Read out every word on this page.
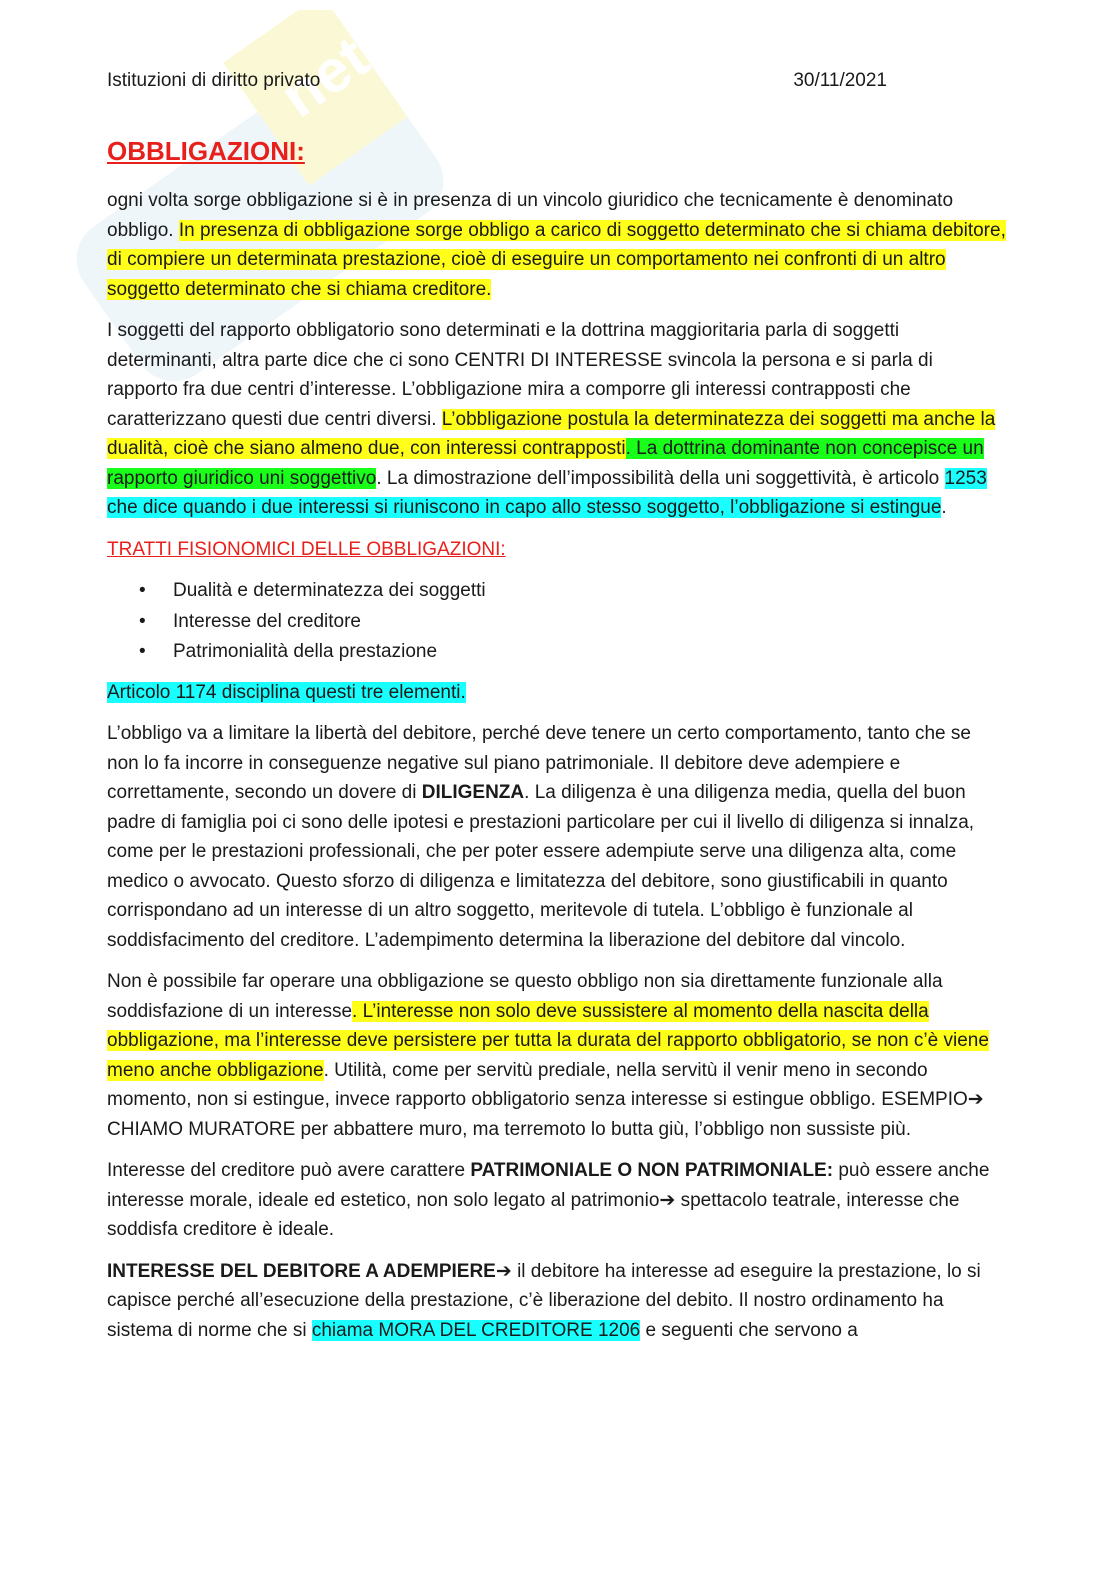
net
Istituzioni di diritto privato	30/11/2021
OBBLIGAZIONI:

ogni volta sorge obbligazione si è in presenza di un vincolo giuridico che tecnicamente è denominato obbligo. In presenza di obbligazione sorge obbligo a carico di soggetto determinato che si chiama debitore, di compiere un determinata prestazione, cioè di eseguire un comportamento nei confronti di un altro soggetto determinato che si chiama creditore.

I soggetti del rapporto obbligatorio sono determinati e la dottrina maggioritaria parla di soggetti determinanti, altra parte dice che ci sono CENTRI DI INTERESSE svincola la persona e si parla di rapporto fra due centri d’interesse. L’obbligazione mira a comporre gli interessi contrapposti che caratterizzano questi due centri diversi. L’obbligazione postula la determinatezza dei soggetti ma anche la dualità, cioè che siano almeno due, con interessi contrapposti. La dottrina dominante non concepisce un rapporto giuridico uni soggettivo. La dimostrazione dell’impossibilità della uni soggettività, è articolo 1253 che dice quando i due interessi si riuniscono in capo allo stesso soggetto, l’obbligazione si estingue.

TRATTI FISIONOMICI DELLE OBBLIGAZIONI:
• Dualità e determinatezza dei soggetti
• Interesse del creditore
• Patrimonialità della prestazione

Articolo 1174 disciplina questi tre elementi.

L’obbligo va a limitare la libertà del debitore, perché deve tenere un certo comportamento, tanto che se non lo fa incorre in conseguenze negative sul piano patrimoniale. Il debitore deve adempiere e correttamente, secondo un dovere di DILIGENZA. La diligenza è una diligenza media, quella del buon padre di famiglia poi ci sono delle ipotesi e prestazioni particolare per cui il livello di diligenza si innalza, come per le prestazioni professionali, che per poter essere adempiute serve una diligenza alta, come medico o avvocato. Questo sforzo di diligenza e limitatezza del debitore, sono giustificabili in quanto corrispondano ad un interesse di un altro soggetto, meritevole di tutela. L’obbligo è funzionale al soddisfacimento del creditore. L’adempimento determina la liberazione del debitore dal vincolo.

Non è possibile far operare una obbligazione se questo obbligo non sia direttamente funzionale alla soddisfazione di un interesse. L’interesse non solo deve sussistere al momento della nascita della obbligazione, ma l’interesse deve persistere per tutta la durata del rapporto obbligatorio, se non c’è viene meno anche obbligazione. Utilità, come per servitù prediale, nella servitù il venir meno in secondo momento, non si estingue, invece rapporto obbligatorio senza interesse si estingue obbligo. ESEMPIO➔ CHIAMO MURATORE per abbattere muro, ma terremoto lo butta giù, l’obbligo non sussiste più.

Interesse del creditore può avere carattere PATRIMONIALE O NON PATRIMONIALE: può essere anche interesse morale, ideale ed estetico, non solo legato al patrimonio➔ spettacolo teatrale, interesse che soddisfa creditore è ideale.

INTERESSE DEL DEBITORE A ADEMPIERE➔ il debitore ha interesse ad eseguire la prestazione, lo si capisce perché all’esecuzione della prestazione, c’è liberazione del debito. Il nostro ordinamento ha sistema di norme che si chiama MORA DEL CREDITORE 1206 e seguenti che servono a
